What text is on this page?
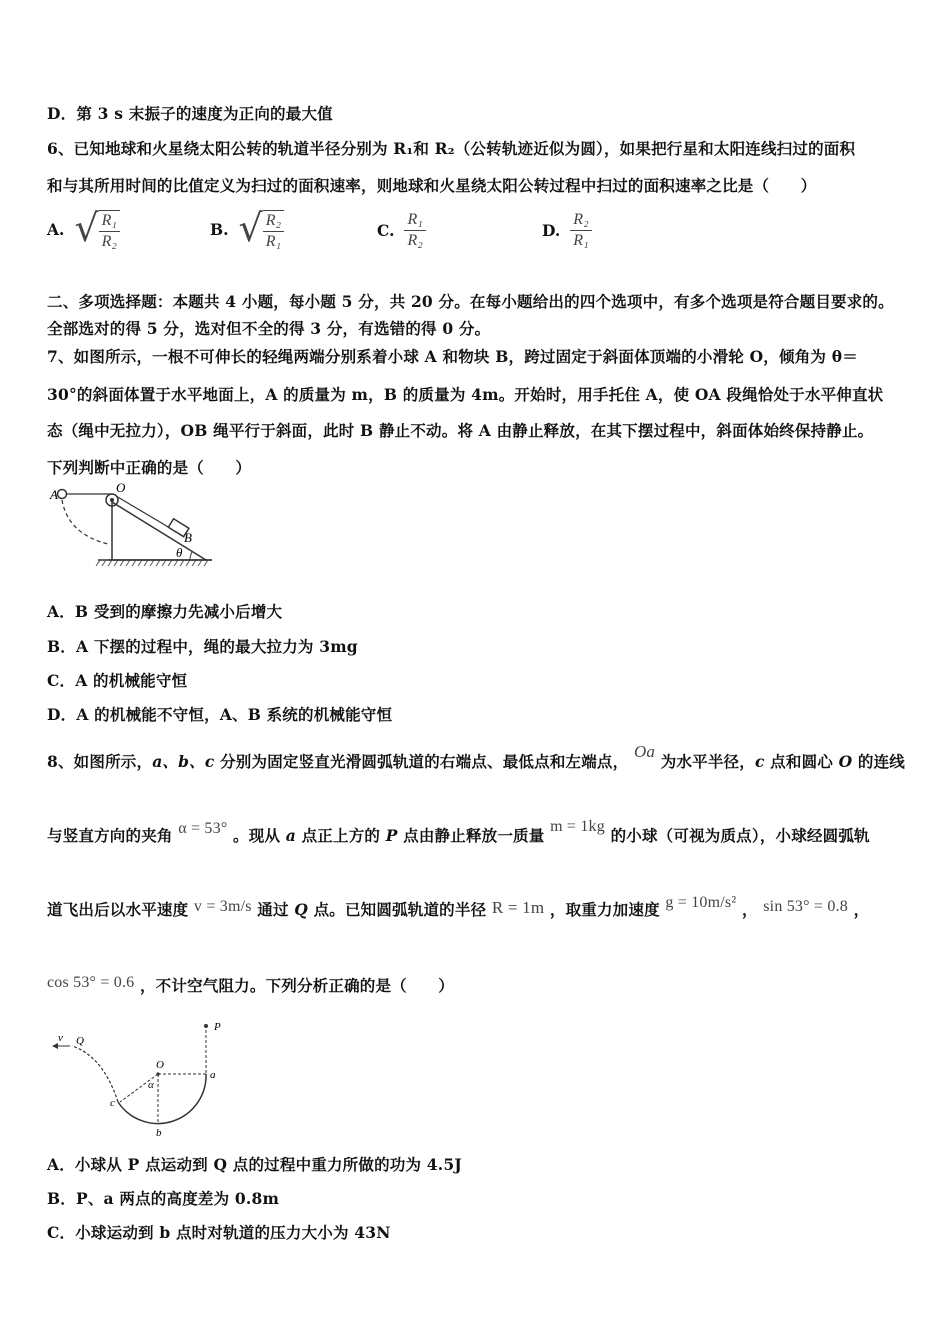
D．第 3 s 末振子的速度为正向的最大值
6、已知地球和火星绕太阳公转的轨道半径分别为 R₁和 R₂（公转轨迹近似为圆），如果把行星和太阳连线扫过的面积
和与其所用时间的比值定义为扫过的面积速率，则地球和火星绕太阳公转过程中扫过的面积速率之比是（　　）
A. √ $\frac{\text{R₁}}{\text{R₂}}$	B. √ $\frac{\text{R₂}}{\text{R₁}}$	C. $\frac{\text{R₁}}{\text{R₂}}$	D. $\frac{\text{R₂}}{\text{R₁}}$
二、多项选择题：本题共 4 小题，每小题 5 分，共 20 分。在每小题给出的四个选项中，有多个选项是符合题目要求的。
全部选对的得 5 分，选对但不全的得 3 分，有选错的得 0 分。
7、如图所示，一根不可伸长的轻绳两端分别系着小球 A 和物块 B，跨过固定于斜面体顶端的小滑轮 O，倾角为 θ＝
30°的斜面体置于水平地面上，A 的质量为 m，B 的质量为 4m。开始时，用手托住 A，使 OA 段绳恰处于水平伸直状
态（绳中无拉力），OB 绳平行于斜面，此时 B 静止不动。将 A 由静止释放，在其下摆过程中，斜面体始终保持静止。
下列判断中正确的是（　　）
A	O
B
θ
A．B 受到的摩擦力先减小后增大
B．A 下摆的过程中，绳的最大拉力为 3mg
C．A 的机械能守恒
D．A 的机械能不守恒，A、B 系统的机械能守恒
8、如图所示，a、b、c 分别为固定竖直光滑圆弧轨道的右端点、最低点和左端点， Oa 为水平半径，c 点和圆心 O 的连线
与竖直方向的夹角 α = 53° 。现从 a 点正上方的 P 点由静止释放一质量 m = 1kg 的小球（可视为质点），小球经圆弧轨
道飞出后以水平速度 v = 3m/s 通过 Q 点。已知圆弧轨道的半径 R = 1m ，取重力加速度 g = 10m/s² ， sin 53° = 0.8 ，
cos 53° = 0.6 ，不计空气阻力。下列分析正确的是（　　）
P
v Q
O
a
α
c
b
A．小球从 P 点运动到 Q 点的过程中重力所做的功为 4.5J
B．P、a 两点的高度差为 0.8m
C．小球运动到 b 点时对轨道的压力大小为 43N
